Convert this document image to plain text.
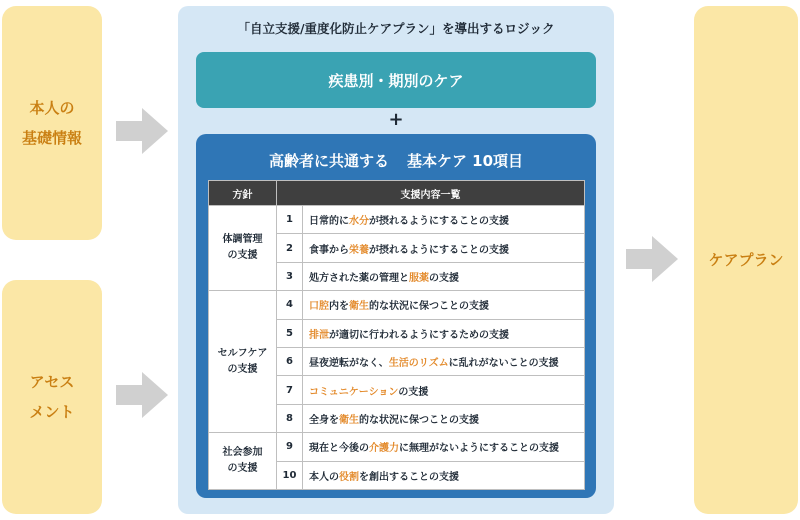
本人の
基礎情報
アセス
メント
「自立支援/重度化防止ケアプラン」を導出するロジック
疾患別・期別のケア
+
高齢者に共通する 基本ケア 10項目
方針	支援内容一覧	

体調管理
の支援	1	日常的に水分が摂れるようにすることの支援
	2	食事から栄養が摂れるようにすることの支援
	3	処方された薬の管理と服薬の支援

セルフケア
の支援	4	口腔内を衛生的な状況に保つことの支援
	5	排泄が適切に行われるようにするための支援
	6	昼夜逆転がなく、生活のリズムに乱れがないことの支援
	7	コミュニケーションの支援
	8	全身を衛生的な状況に保つことの支援

社会参加
の支援	9	現在と今後の介護力に無理がないようにすることの支援
	10	本人の役割を創出することの支援
ケアプラン
